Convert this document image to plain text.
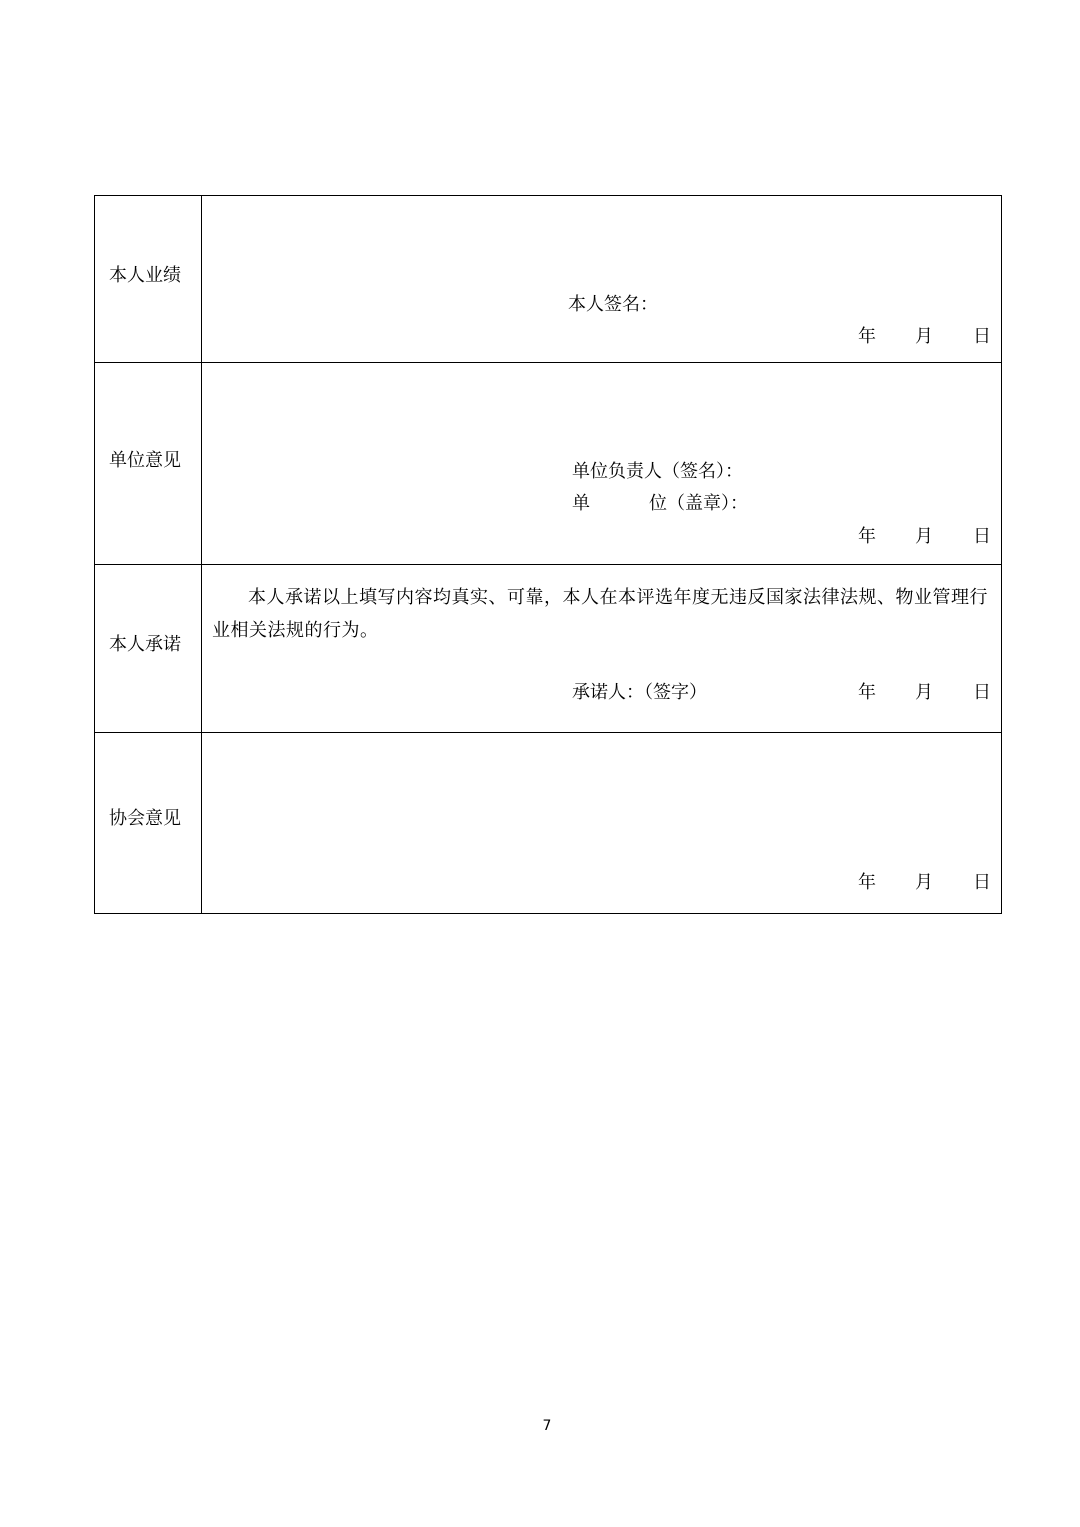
本人业绩
本人签名：
年 月 日
单位意见
单位负责人（签名）：
单	位（盖章）：
年 月 日
本人承诺
本人承诺以上填写内容均真实、可靠，本人在本评选年度无违反国家法律法规、物业管理行业相关法规的行为。
承诺人：（签字）	年 月 日
协会意见
年 月 日
7
